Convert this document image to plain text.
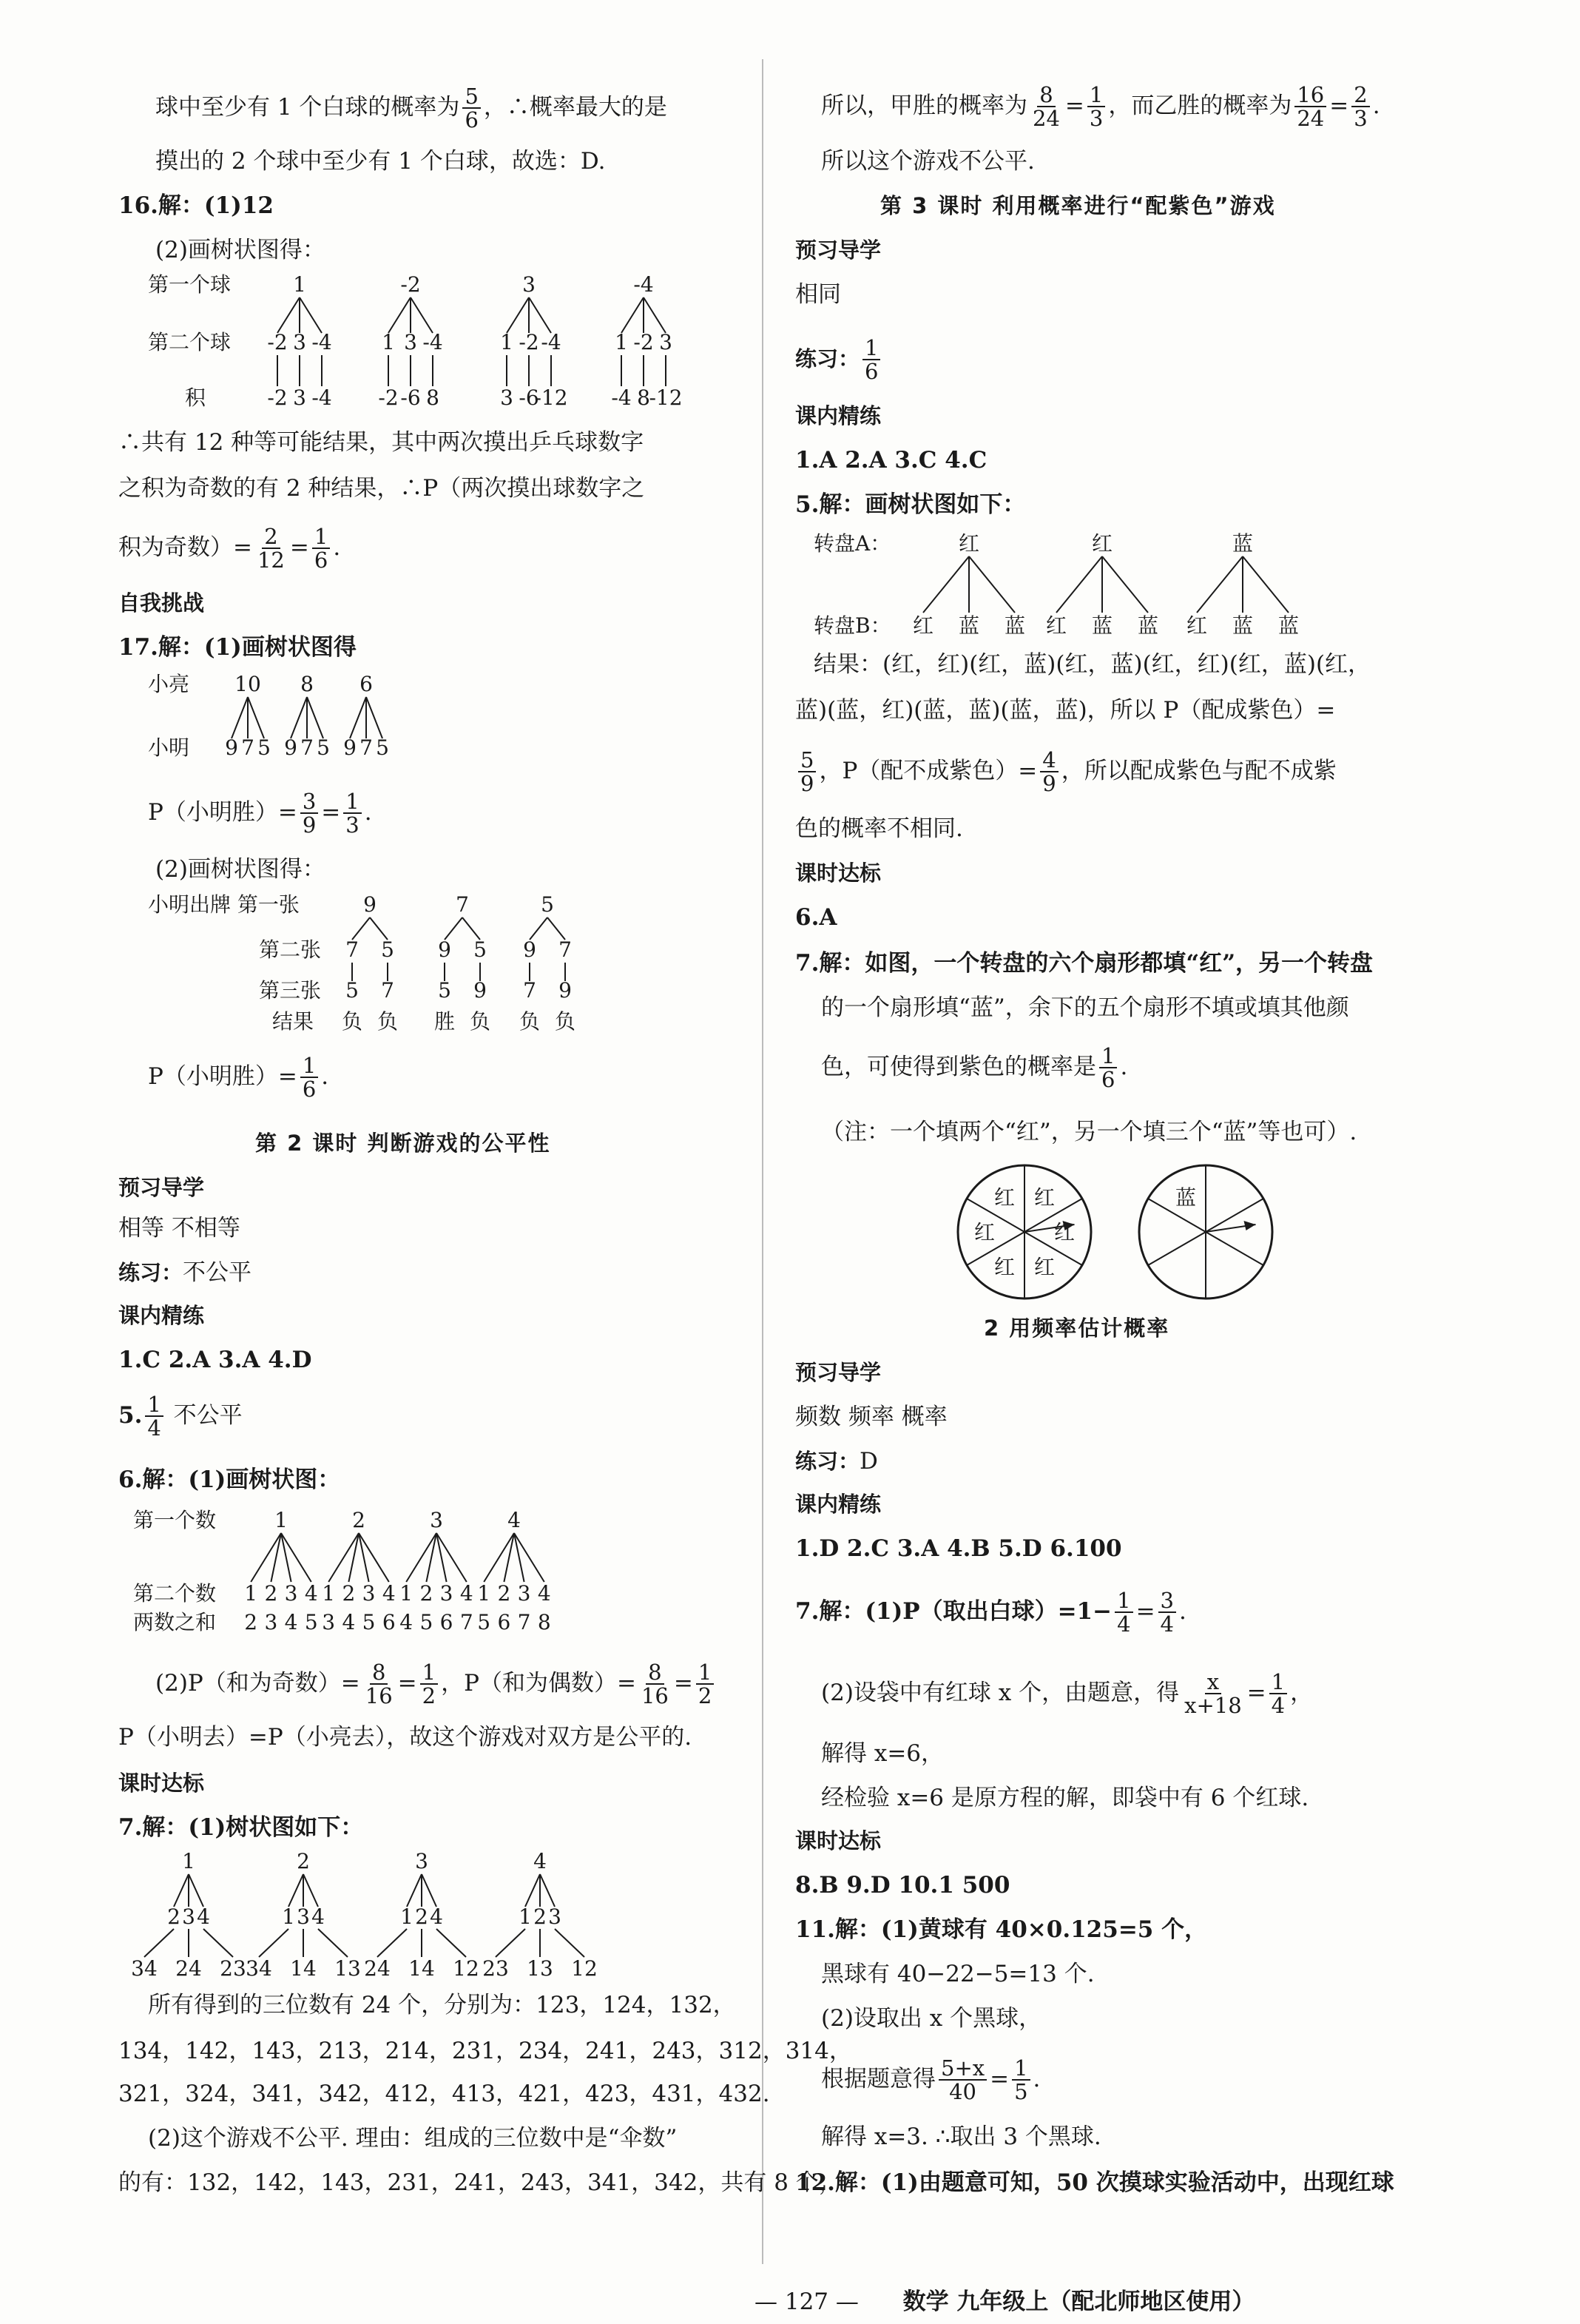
球中至少有 1 个白球的概率为 $\frac{5}{6}$ ，∴概率最大的是
摸出的 2 个球中至少有 1 个白球，故选：D.
16.解：(1)12
(2)画树状图得：
第一个球
第二个球
积
1
-2
-2
3
3
-4
-4
-2
1
-2
3
-6
-4
8
3
1
3
-2
-6
-4
-12
-4
1
-4
-2
8
3
-12
∴共有 12 种等可能结果，其中两次摸出乒乓球数字
之积为奇数的有 2 种结果，∴P（两次摸出球数字之
积为奇数）= $\frac{2}{12} = \frac{1}{6}$ .
自我挑战
17.解：(1)画树状图得
小亮
小明
10
9 7 5
8
9 7 5
6
9 7 5
P（小明胜）= $\frac{3}{9} = \frac{1}{3}$ .
(2)画树状图得：
小明出牌 第一张
第二张
第三张
结果
9
7
5
负
5
7
负
7
9
5
胜
5
9
负
5
9
7
负
7
9
负
P（小明胜）= $\frac{1}{6}$ .
第 2 课时 判断游戏的公平性
预习导学
相等 不相等
练习：不公平
课内精练
1.C 2.A 3.A 4.D
5. $\frac{1}{4}$ 不公平
6.解：(1)画树状图：
第一个数
第二个数
两数之和
1
1
2
2
3
3
4
4
5
2
1
3
2
4
3
5
4
6
3
1
4
2
5
3
6
4
7
4
1
5
2
6
3
7
4
8
(2)P（和为奇数）= $\frac{8}{16} = \frac{1}{2}$ ，P（和为偶数）= $\frac{8}{16} = \frac{1}{2}$
P（小明去）=P（小亮去），故这个游戏对双方是公平的.
课时达标
7.解：(1)树状图如下：
1
2
34
3
24
4
23
2
1
34
3
14
4
13
3
1
24
2
14
4
12
4
1
23
2
13
3
12
所有得到的三位数有 24 个，分别为：123，124，132，
134，142，143，213，214，231，234，241，243，312，314，
321，324，341，342，412，413，421，423，431，432.
(2)这个游戏不公平. 理由：组成的三位数中是“伞数”
的有：132，142，143，231，241，243，341，342，共有 8 个，
所以，甲胜的概率为 $\frac{8}{24} = \frac{1}{3}$ ，而乙胜的概率为 $\frac{16}{24} = \frac{2}{3}$ .
所以这个游戏不公平.
第 3 课时 利用概率进行“配紫色”游戏
预习导学
相同
练习： $\frac{1}{6}$
课内精练
1.A 2.A 3.C 4.C
5.解：画树状图如下：
转盘A：
转盘B：
红
红 蓝 蓝
红
红 蓝 蓝
蓝
红 蓝 蓝
结果：(红，红)(红，蓝)(红，蓝)(红，红)(红，蓝)(红，
蓝)(蓝，红)(蓝，蓝)(蓝，蓝)，所以 P（配成紫色）=
$\frac{5}{9}$ ，P（配不成紫色）= $\frac{4}{9}$ ，所以配成紫色与配不成紫
色的概率不相同.
课时达标
6.A
7.解：如图，一个转盘的六个扇形都填“红”，另一个转盘
的一个扇形填“蓝”，余下的五个扇形不填或填其他颜
色，可使得到紫色的概率是 $\frac{1}{6}$ .
（注：一个填两个“红”，另一个填三个“蓝”等也可）.
红 红
红
红
红
红
蓝
2 用频率估计概率
预习导学
频数 频率 概率
练习：D
课内精练
1.D 2.C 3.A 4.B 5.D 6.100
7.解：(1)P（取出白球）$=1- \frac{1}{4} = \frac{3}{4}$ .
(2)设袋中有红球 x 个，由题意，得 $\frac{x}{x+18} = \frac{1}{4}$ ，
解得 x=6，
经检验 x=6 是原方程的解，即袋中有 6 个红球.
课时达标
8.B 9.D 10.1 500
11.解：(1)黄球有 40×0.125=5 个，
黑球有 40−22−5=13 个.
(2)设取出 x 个黑球，
根据题意得 $\frac{5+x}{40} = \frac{1}{5}$ .
解得 x=3. ∴取出 3 个黑球.
12.解：(1)由题意可知，50 次摸球实验活动中，出现红球
— 127 — 数学 九年级上（配北师地区使用）
